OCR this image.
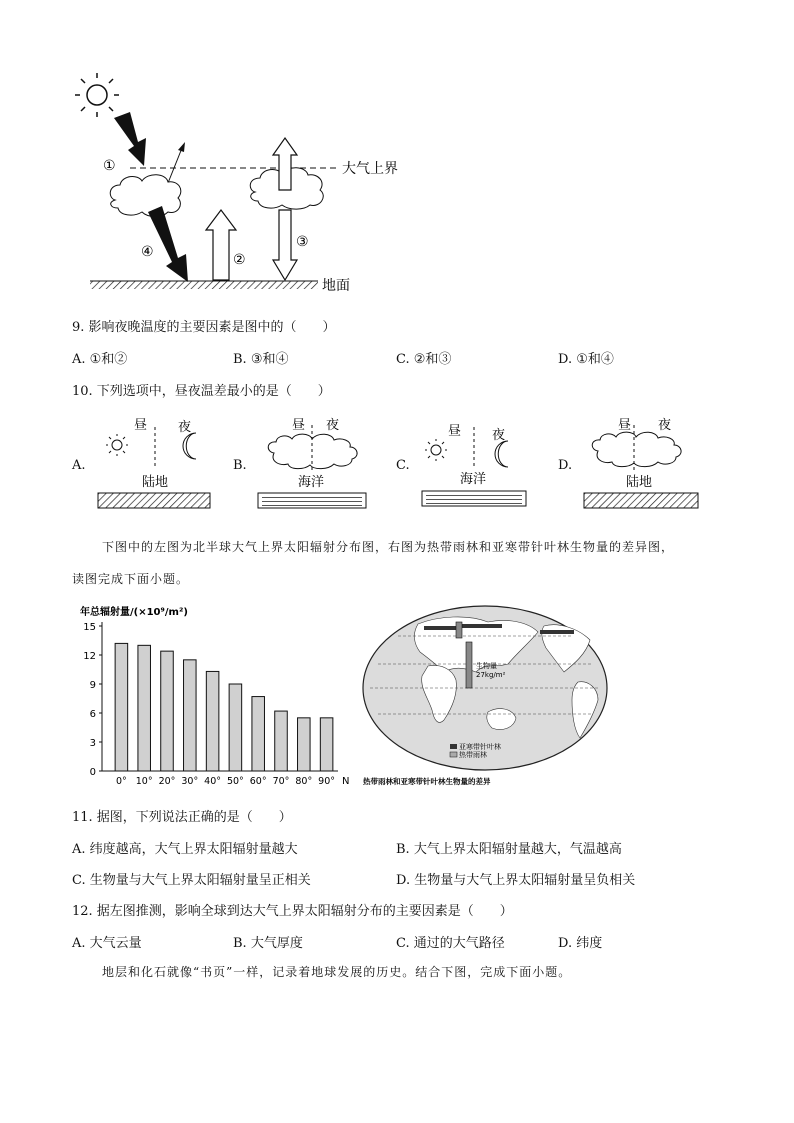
①
②
③
④
大气上界
地面
9. 影响夜晚温度的主要因素是图中的（　　）
A. ①和②	B. ③和④	C. ②和③	D. ①和④
10. 下列选项中，昼夜温差最小的是（　　）
A.
昼 夜
陆地
B.
昼 夜
海洋
C.
昼 夜
海洋
D.
昼 夜
陆地
下图中的左图为北半球大气上界太阳辐射分布图，右图为热带雨林和亚寒带针叶林生物量的差异图，
读图完成下面小题。
年总辐射量/(×10⁹/m²)
0
3
6
9
12
15
0° 10° 20° 30° 40° 50° 60° 70° 80° 90° N
生物量
27kg/m²
亚寒带针叶林
热带雨林
热带雨林和亚寒带针叶林生物量的差异
11. 据图，下列说法正确的是（　　）
A. 纬度越高，大气上界太阳辐射量越大	B. 大气上界太阳辐射量越大，气温越高
C. 生物量与大气上界太阳辐射量呈正相关	D. 生物量与大气上界太阳辐射量呈负相关
12. 据左图推测，影响全球到达大气上界太阳辐射分布的主要因素是（　　）
A. 大气云量	B. 大气厚度	C. 通过的大气路径	D. 纬度
地层和化石就像“书页”一样，记录着地球发展的历史。结合下图，完成下面小题。
